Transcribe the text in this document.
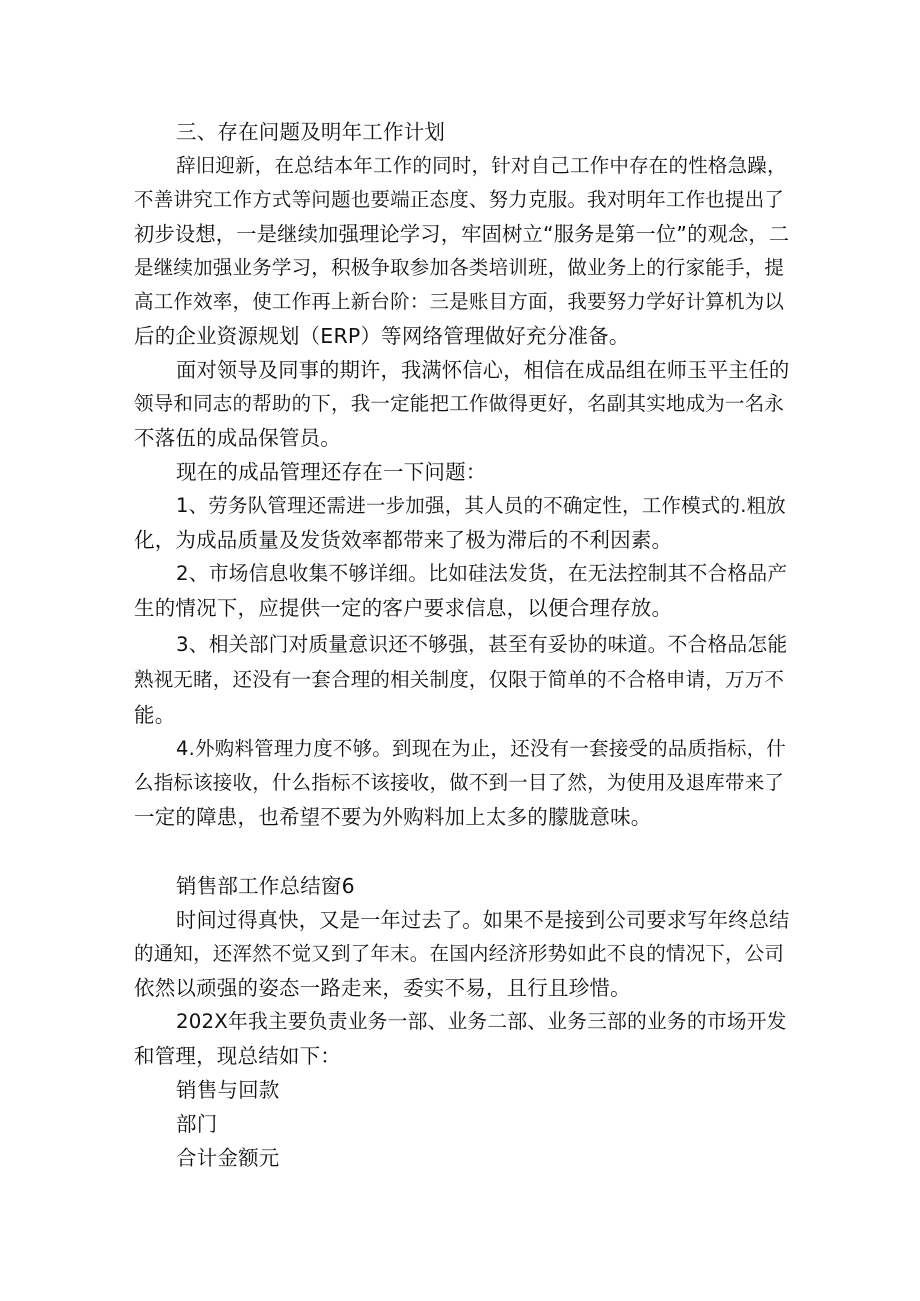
三、存在问题及明年工作计划
辞旧迎新，在总结本年工作的同时，针对自己工作中存在的性格急躁，
不善讲究工作方式等问题也要端正态度、努力克服。我对明年工作也提出了
初步设想，一是继续加强理论学习，牢固树立“服务是第一位”的观念，二
是继续加强业务学习，积极争取参加各类培训班，做业务上的行家能手，提
高工作效率，使工作再上新台阶：三是账目方面，我要努力学好计算机为以
后的企业资源规划（ERP）等网络管理做好充分准备。
面对领导及同事的期许，我满怀信心，相信在成品组在师玉平主任的
领导和同志的帮助的下，我一定能把工作做得更好，名副其实地成为一名永
不落伍的成品保管员。
现在的成品管理还存在一下问题：
1、劳务队管理还需进一步加强，其人员的不确定性，工作模式的.粗放
化，为成品质量及发货效率都带来了极为滞后的不利因素。
2、市场信息收集不够详细。比如硅法发货，在无法控制其不合格品产
生的情况下，应提供一定的客户要求信息，以便合理存放。
3、相关部门对质量意识还不够强，甚至有妥协的味道。不合格品怎能
熟视无睹，还没有一套合理的相关制度，仅限于简单的不合格申请，万万不
能。
4.外购料管理力度不够。到现在为止，还没有一套接受的品质指标，什
么指标该接收，什么指标不该接收，做不到一目了然，为使用及退库带来了
一定的障患，也希望不要为外购料加上太多的朦胧意味。
销售部工作总结窗6
时间过得真快，又是一年过去了。如果不是接到公司要求写年终总结
的通知，还浑然不觉又到了年末。在国内经济形势如此不良的情况下，公司
依然以顽强的姿态一路走来，委实不易，且行且珍惜。
202X年我主要负责业务一部、业务二部、业务三部的业务的市场开发
和管理，现总结如下：
销售与回款
部门
合计金额元
